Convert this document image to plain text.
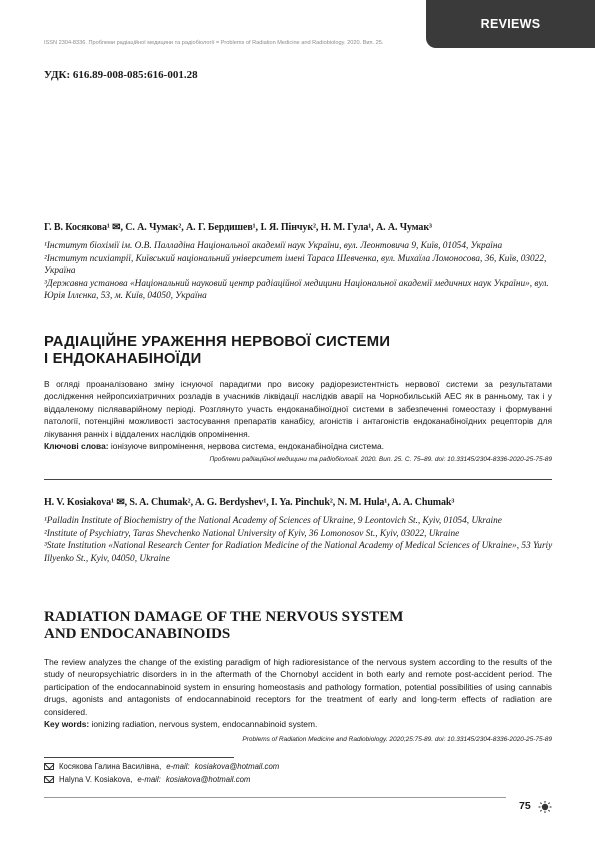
REVIEWS
ISSN 2304-8336. Проблеми радіаційної медицини та радіобіології = Problems of Radiation Medicine and Radiobiology. 2020. Вип. 25.
УДК: 616.89-008-085:616-001.28
Г. В. Косякова¹ ✉, С. А. Чумак², А. Г. Бердишев¹, І. Я. Пінчук², Н. М. Гула¹, А. А. Чумак³

¹Інститут біохімії ім. О.В. Палладіна Національної академії наук України, вул. Леонтовича 9, Київ, 01054, Україна

²Інститут психіатрії, Київський національний університет імені Тараса Шевченка, вул. Михаїла Ломоносова, 36, Київ, 03022, Україна

³Державна установа «Національний науковий центр радіаційної медицини Національної академії медичних наук України», вул. Юрія Іллєнка, 53, м. Київ, 04050, Україна

РАДІАЦІЙНЕ УРАЖЕННЯ НЕРВОВОЇ СИСТЕМИ
І ЕНДОКАНАБІНОЇДИ
В огляді проаналізовано зміну існуючої парадигми про високу радіорезистентність нервової системи за результатами дослідження нейропсихіатричних розладів в учасників ліквідації наслідків аварії на Чорнобильській АЕС як в ранньому, так і у віддаленому післяаварійному періоді. Розглянуто участь ендоканабіноїдної системи в забезпеченні гомеостазу і формуванні патології, потенційні можливості застосування препаратів канабісу, агоністів і антагоністів ендоканабіноїдних рецепторів для лікування ранніх і віддалених наслідків опромінення.
Ключові слова: іонізуюче випромінення, нервова система, ендоканабіноїдна система.
Проблеми радіаційної медицини та радіобіології. 2020. Вип. 25. С. 75–89. doi: 10.33145/2304-8336-2020-25-75-89
H. V. Kosiakova¹ ✉, S. A. Chumak², A. G. Berdyshev¹, I. Ya. Pinchuk², N. M. Hula¹, A. A. Chumak³

¹Palladin Institute of Biochemistry of the National Academy of Sciences of Ukraine, 9 Leontovich St., Kyiv, 01054, Ukraine

²Institute of Psychiatry, Taras Shevchenko National University of Kyiv, 36 Lomonosov St., Kyiv, 03022, Ukraine

³State Institution «National Research Center for Radiation Medicine of the National Academy of Medical Sciences of Ukraine», 53 Yuriy Illyenko St., Kyiv, 04050, Ukraine

RADIATION DAMAGE OF THE NERVOUS SYSTEM
AND ENDOCANABINOIDS
The review analyzes the change of the existing paradigm of high radioresistance of the nervous system according to the results of the study of neuropsychiatric disorders in in the aftermath of the Chornobyl accident in both early and remote post-accident period. The participation of the endocannabinoid system in ensuring homeostasis and pathology formation, potential possibilities of using cannabis drugs, agonists and antagonists of endocannabinoid receptors for the treatment of early and long-term effects of radiation are considered.
Key words: ionizing radiation, nervous system, endocannabinoid system.
Problems of Radiation Medicine and Radiobiology. 2020;25:75-89. doi: 10.33145/2304-8336-2020-25-75-89
Косякова Галина Василівна, e-mail: kosiakova@hotmail.com
Halyna V. Kosiakova, e-mail: kosiakova@hotmail.com
75
